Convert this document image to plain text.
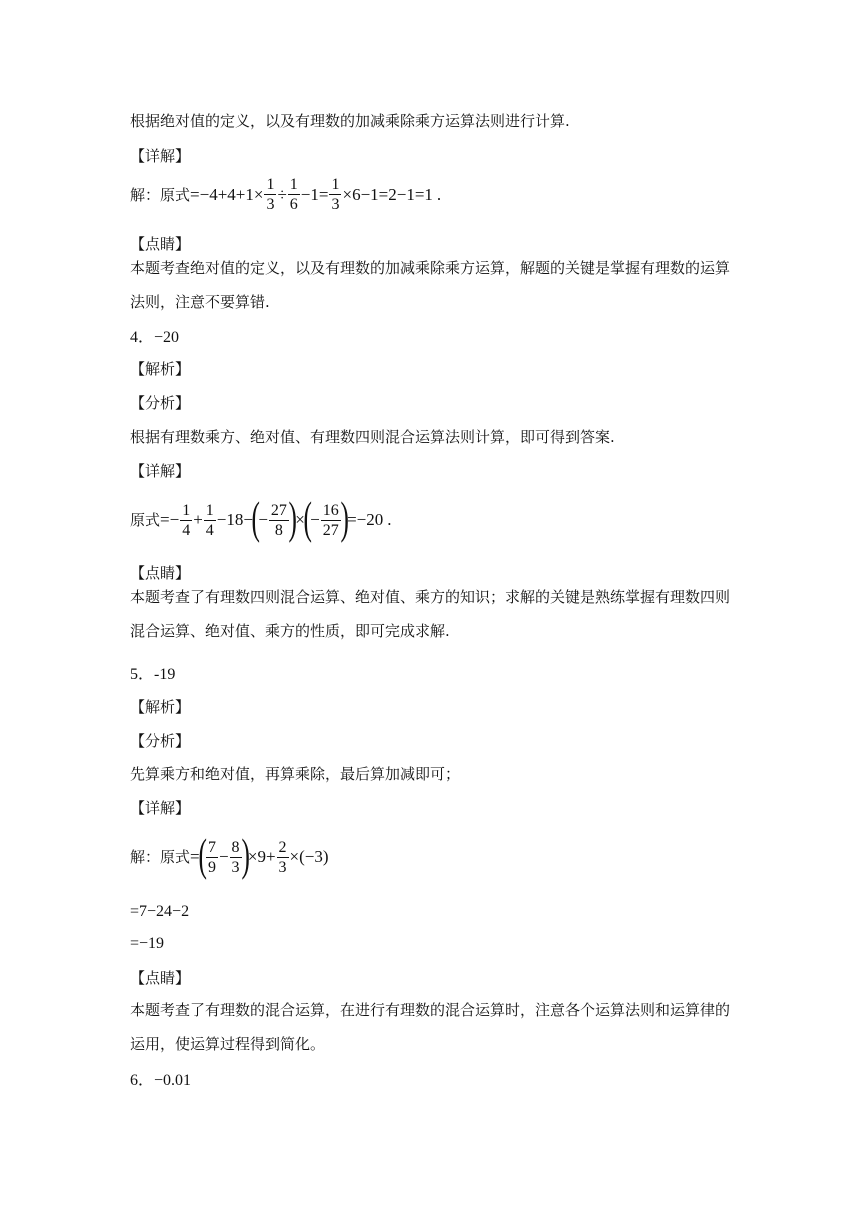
根据绝对值的定义，以及有理数的加减乘除乘方运算法则进行计算.
【详解】
解：原式 $=-4+4+1\times \frac{1}{3} \div \frac{1}{6} -1= \frac{1}{3} \times 6-1=2-1=1$ .
【点睛】
本题考查绝对值的定义，以及有理数的加减乘除乘方运算，解题的关键是掌握有理数的运算法则，注意不要算错.
4．−20
【解析】
【分析】
根据有理数乘方、绝对值、有理数四则混合运算法则计算，即可得到答案.
【详解】
原式 =− $\frac{1}{4} + \frac{1}{4} -18-$
(
− $\frac{27}{8}$ )
×
(
− $\frac{16}{27}$ )
=−20 .
【点睛】
本题考查了有理数四则混合运算、绝对值、乘方的知识；求解的关键是熟练掌握有理数四则混合运算、绝对值、乘方的性质，即可完成求解.
5．-19
【解析】
【分析】
先算乘方和绝对值，再算乘除，最后算加减即可；
【详解】
解：原式 =
( $\frac{7}{9} - \frac{8}{3}$ )
$\times 9+ \frac{2}{3} \times(-3)$
=7−24−2
=−19
【点睛】
本题考查了有理数的混合运算，在进行有理数的混合运算时，注意各个运算法则和运算律的运用，使运算过程得到简化。
6．−0.01
